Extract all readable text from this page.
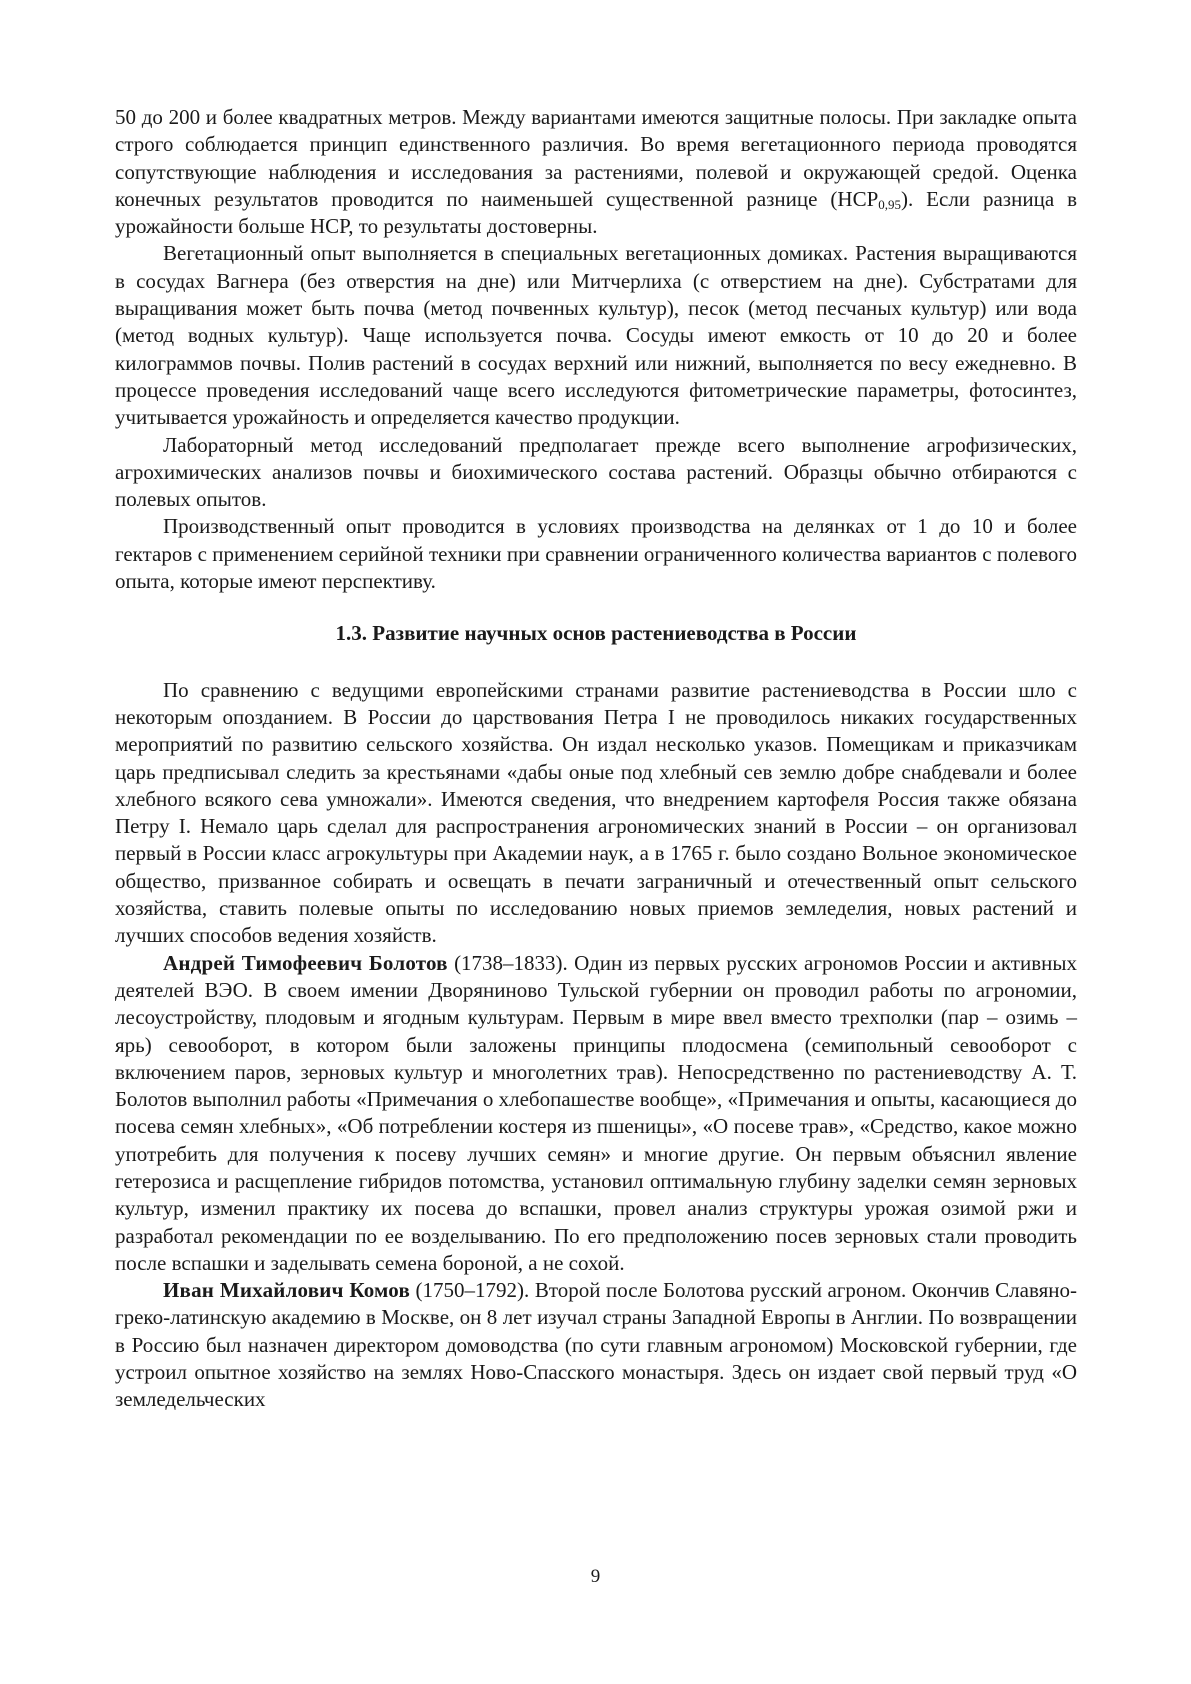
50 до 200 и более квадратных метров. Между вариантами имеются защитные полосы. При закладке опыта строго соблюдается принцип единственного различия. Во время вегетационного периода проводятся сопутствующие наблюдения и исследования за растениями, полевой и окружающей средой. Оценка конечных результатов проводится по наименьшей существенной разнице $(НСР_{0,95})$. Если разница в урожайности больше НСР, то результаты достоверны.

Вегетационный опыт выполняется в специальных вегетационных домиках. Растения выращиваются в сосудах Вагнера (без отверстия на дне) или Митчерлиха (с отверстием на дне). Субстратами для выращивания может быть почва (метод почвенных культур), песок (метод песчаных культур) или вода (метод водных культур). Чаще используется почва. Сосуды имеют емкость от 10 до 20 и более килограммов почвы. Полив растений в сосудах верхний или нижний, выполняется по весу ежедневно. В процессе проведения исследований чаще всего исследуются фитометрические параметры, фотосинтез, учитывается урожайность и определяется качество продукции.

Лабораторный метод исследований предполагает прежде всего выполнение агрофизических, агрохимических анализов почвы и биохимического состава растений. Образцы обычно отбираются с полевых опытов.

Производственный опыт проводится в условиях производства на делянках от 1 до 10 и более гектаров с применением серийной техники при сравнении ограниченного количества вариантов с полевого опыта, которые имеют перспективу.

1.3. Развитие научных основ растениеводства в России

По сравнению с ведущими европейскими странами развитие растениеводства в России шло с некоторым опозданием. В России до царствования Петра I не проводилось никаких государственных мероприятий по развитию сельского хозяйства. Он издал несколько указов. Помещикам и приказчикам царь предписывал следить за крестьянами «дабы оные под хлебный сев землю добре снабдевали и более хлебного всякого сева умножали». Имеются сведения, что внедрением картофеля Россия также обязана Петру I. Немало царь сделал для распространения агрономических знаний в России – он организовал первый в России класс агрокультуры при Академии наук, а в 1765 г. было создано Вольное экономическое общество, призванное собирать и освещать в печати заграничный и отечественный опыт сельского хозяйства, ставить полевые опыты по исследованию новых приемов земледелия, новых растений и лучших способов ведения хозяйств.

Андрей Тимофеевич Болотов (1738–1833). Один из первых русских агрономов России и активных деятелей ВЭО. В своем имении Дворяниново Тульской губернии он проводил работы по агрономии, лесоустройству, плодовым и ягодным культурам. Первым в мире ввел вместо трехполки (пар – озимь – ярь) севооборот, в котором были заложены принципы плодосмена (семипольный севооборот с включением паров, зерновых культур и многолетних трав). Непосредственно по растениеводству А. Т. Болотов выполнил работы «Примечания о хлебопашестве вообще», «Примечания и опыты, касающиеся до посева семян хлебных», «Об потреблении костеря из пшеницы», «О посеве трав», «Средство, какое можно употребить для получения к посеву лучших семян» и многие другие. Он первым объяснил явление гетерозиса и расщепление гибридов потомства, установил оптимальную глубину заделки семян зерновых культур, изменил практику их посева до вспашки, провел анализ структуры урожая озимой ржи и разработал рекомендации по ее возделыванию. По его предположению посев зерновых стали проводить после вспашки и заделывать семена бороной, а не сохой.

Иван Михайлович Комов (1750–1792). Второй после Болотова русский агроном. Окончив Славяно-греко-латинскую академию в Москве, он 8 лет изучал страны Западной Европы в Англии. По возвращении в Россию был назначен директором домоводства (по сути главным агрономом) Московской губернии, где устроил опытное хозяйство на землях Ново-Спасского монастыря. Здесь он издает свой первый труд «О земледельческих

9
